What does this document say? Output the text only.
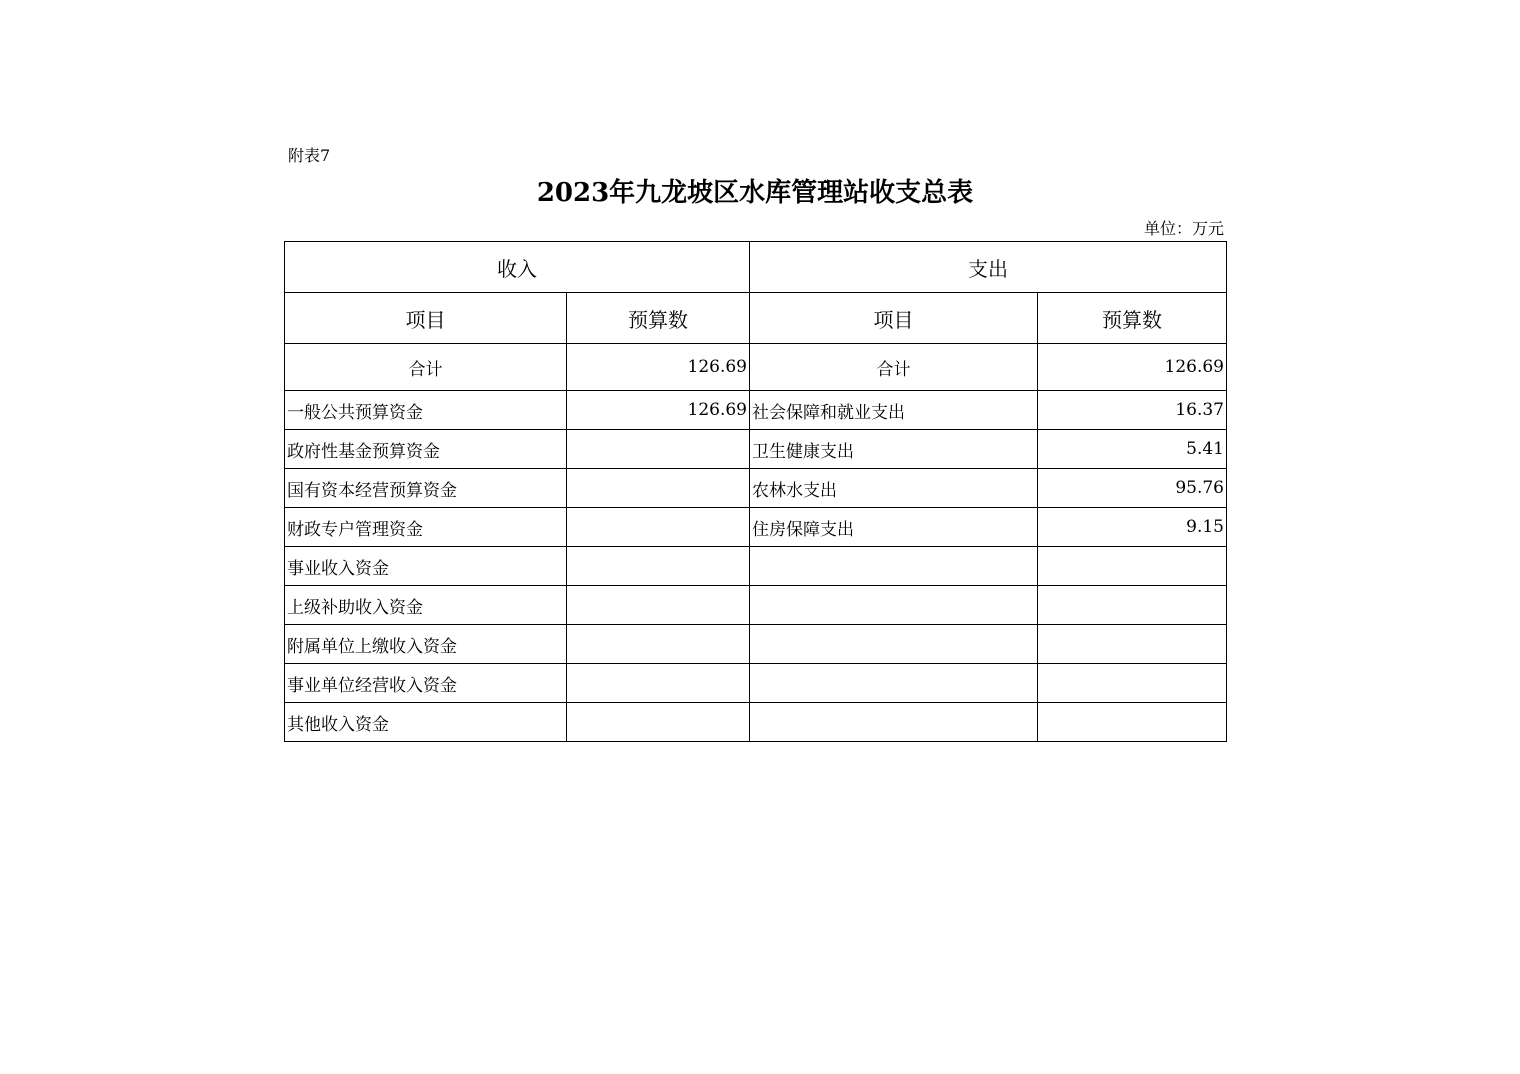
附表7
2023年九龙坡区水库管理站收支总表
单位：万元
收入		支出	
项目	预算数	项目	预算数
合计	126.69	合计	126.69
一般公共预算资金	126.69	社会保障和就业支出	16.37
政府性基金预算资金		卫生健康支出	5.41
国有资本经营预算资金		农林水支出	95.76
财政专户管理资金		住房保障支出	9.15
事业收入资金			
上级补助收入资金			
附属单位上缴收入资金			
事业单位经营收入资金			
其他收入资金			
